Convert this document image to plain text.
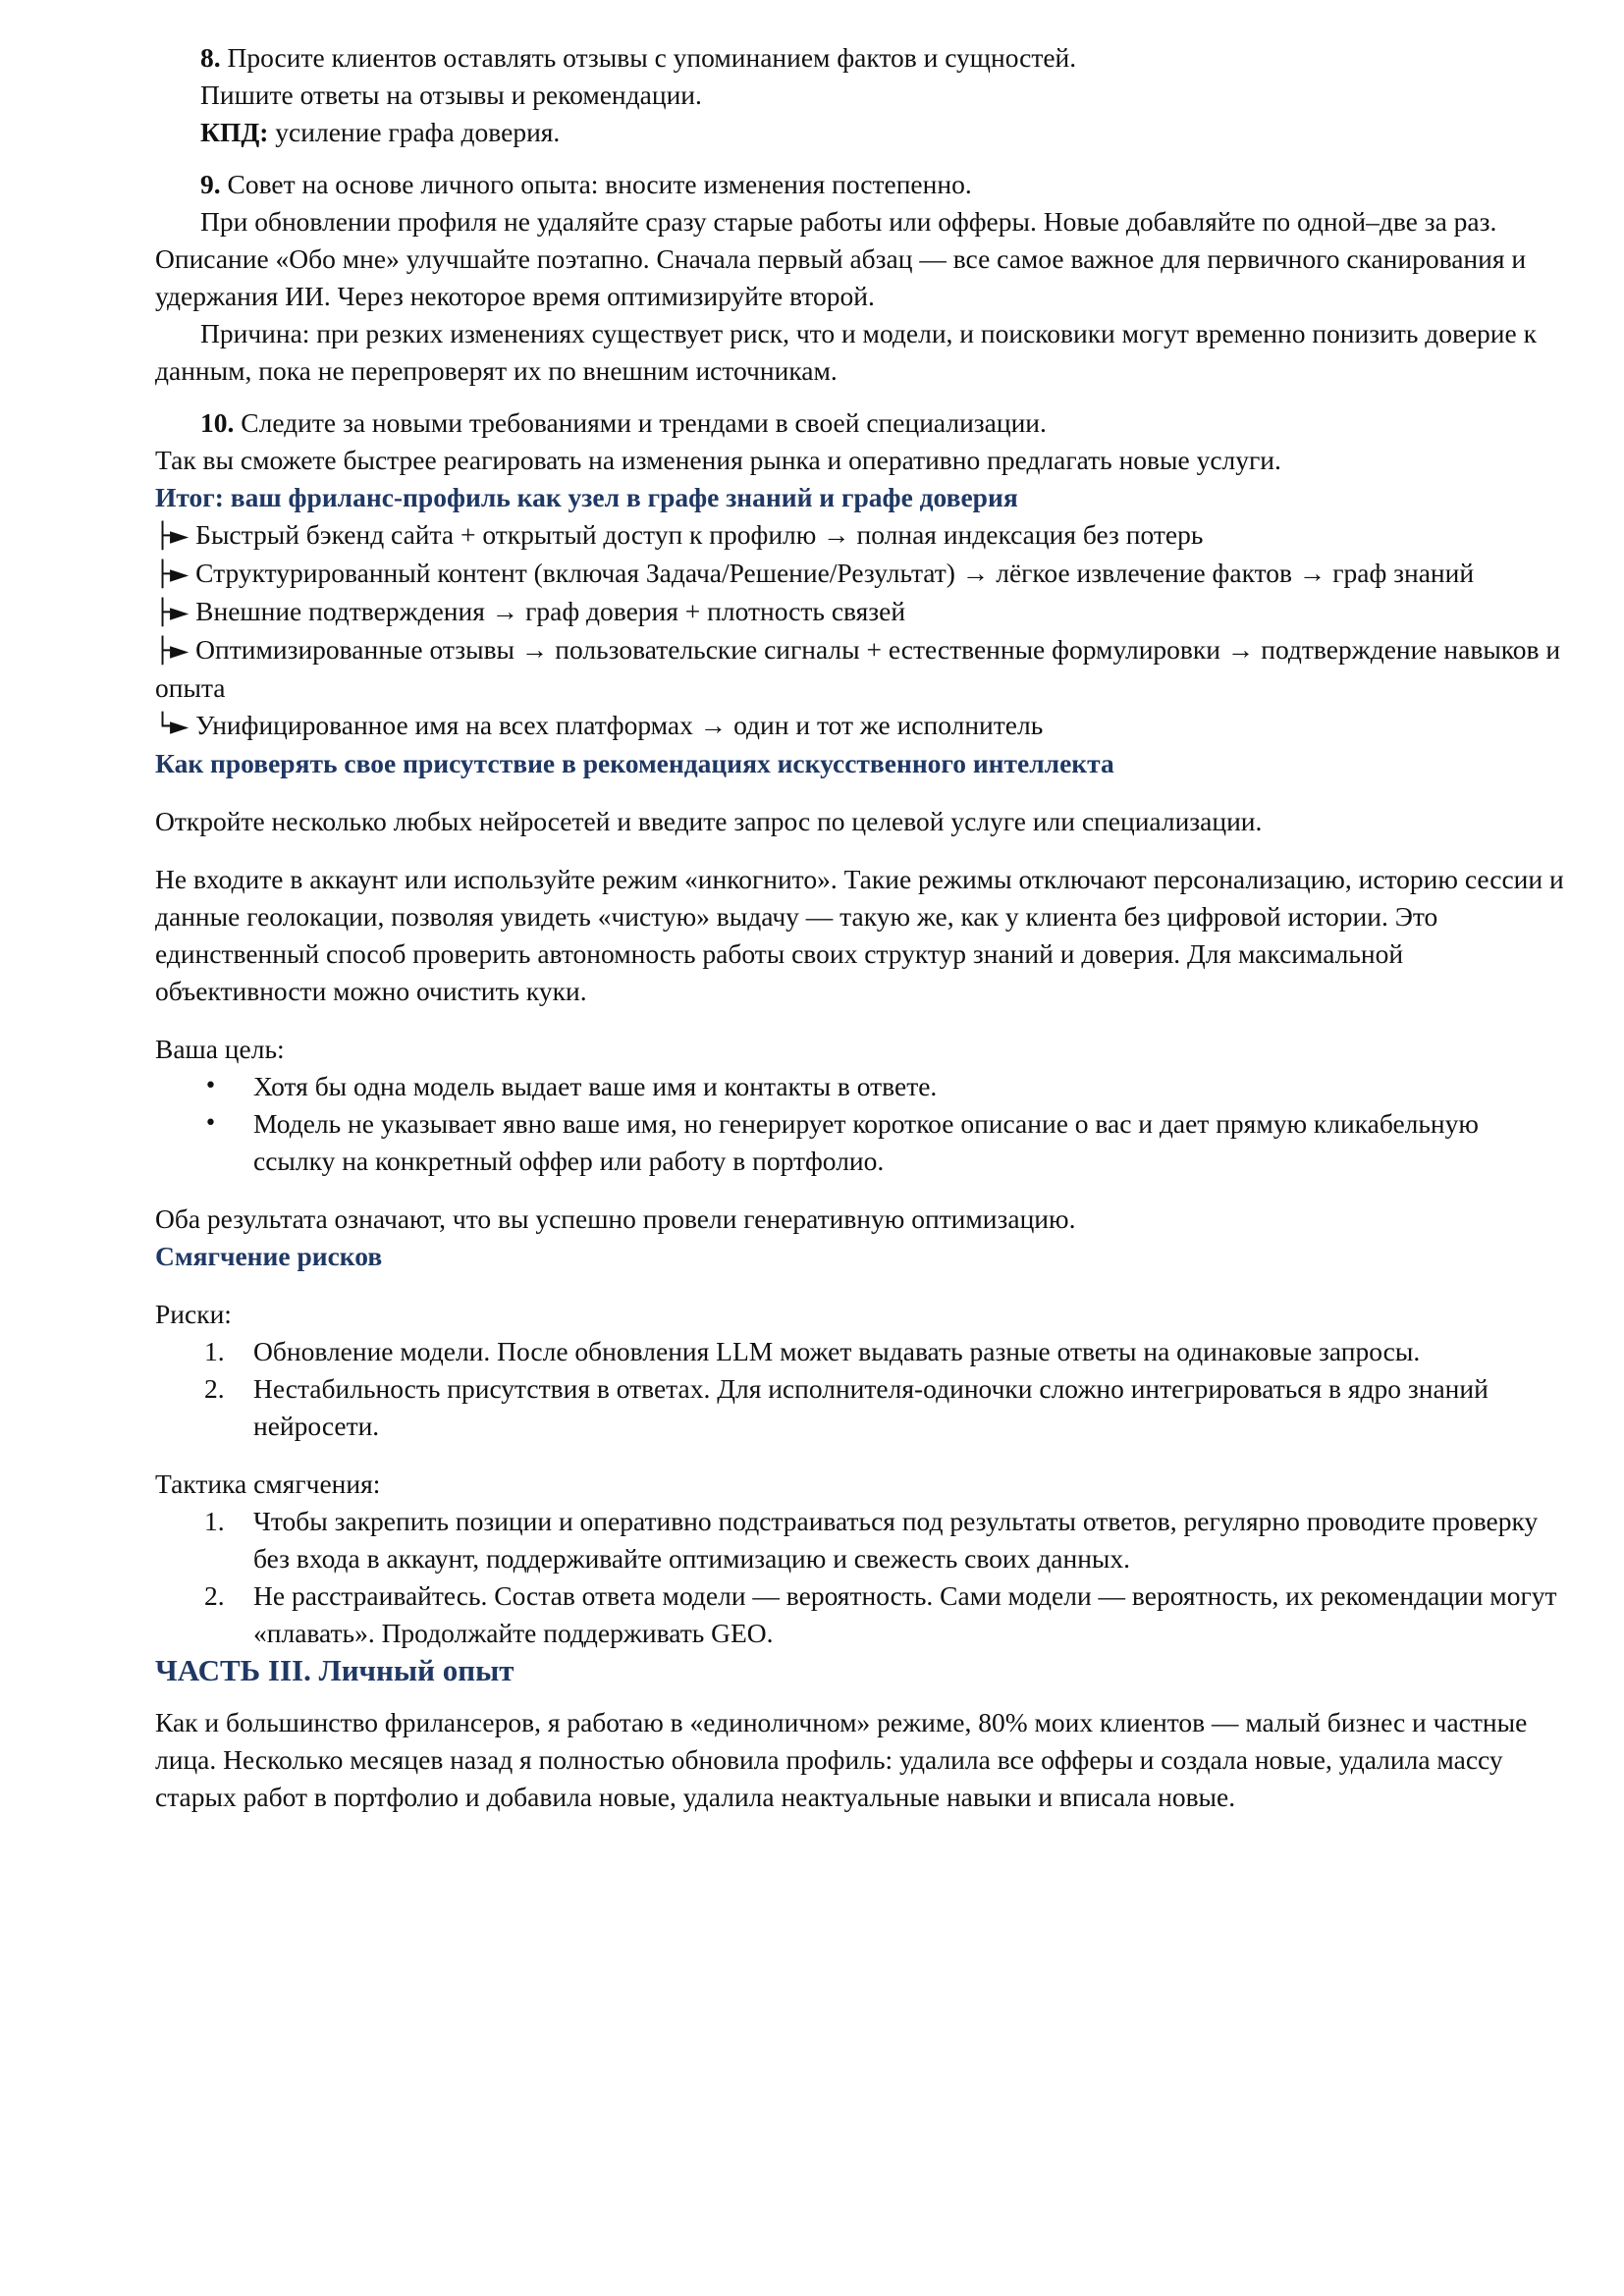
8. Просите клиентов оставлять отзывы с упоминанием фактов и сущностей.

Пишите ответы на отзывы и рекомендации.

КПД: усиление графа доверия.

9. Совет на основе личного опыта: вносите изменения постепенно.

При обновлении профиля не удаляйте сразу старые работы или офферы. Новые добавляйте по одной–две за раз. Описание «Обо мне» улучшайте поэтапно. Сначала первый абзац — все самое важное для первичного сканирования и удержания ИИ. Через некоторое время оптимизируйте второй.

Причина: при резких изменениях существует риск, что и модели, и поисковики могут временно понизить доверие к данным, пока не перепроверят их по внешним источникам.

10. Следите за новыми требованиями и трендами в своей специализации.

Так вы сможете быстрее реагировать на изменения рынка и оперативно предлагать новые услуги.

Итог: ваш фриланс-профиль как узел в графе знаний и графе доверия

├► Быстрый бэкенд сайта + открытый доступ к профилю → полная индексация без потерь

├► Структурированный контент (включая Задача/Решение/Результат) → лёгкое извлечение фактов → граф знаний

├► Внешние подтверждения → граф доверия + плотность связей

├► Оптимизированные отзывы → пользовательские сигналы + естественные формулировки → подтверждение навыков и опыта

└► Унифицированное имя на всех платформах → один и тот же исполнитель

Как проверять свое присутствие в рекомендациях искусственного интеллекта

Откройте несколько любых нейросетей и введите запрос по целевой услуге или специализации.

Не входите в аккаунт или используйте режим «инкогнито». Такие режимы отключают персонализацию, историю сессии и данные геолокации, позволяя увидеть «чистую» выдачу — такую же, как у клиента без цифровой истории. Это единственный способ проверить автономность работы своих структур знаний и доверия. Для максимальной объективности можно очистить куки.

Ваша цель:

• Хотя бы одна модель выдает ваше имя и контакты в ответе.
• Модель не указывает явно ваше имя, но генерирует короткое описание о вас и дает прямую кликабельную ссылку на конкретный оффер или работу в портфолио.

Оба результата означают, что вы успешно провели генеративную оптимизацию.

Смягчение рисков

Риски:

1. Обновление модели. После обновления LLM может выдавать разные ответы на одинаковые запросы.
2. Нестабильность присутствия в ответах. Для исполнителя-одиночки сложно интегрироваться в ядро знаний нейросети.

Тактика смягчения:

1. Чтобы закрепить позиции и оперативно подстраиваться под результаты ответов, регулярно проводите проверку без входа в аккаунт, поддерживайте оптимизацию и свежесть своих данных.
2. Не расстраивайтесь. Состав ответа модели — вероятность. Сами модели — вероятность, их рекомендации могут «плавать». Продолжайте поддерживать GEO.
ЧАСТЬ III. Личный опыт

Как и большинство фрилансеров, я работаю в «единоличном» режиме, 80% моих клиентов — малый бизнес и частные лица. Несколько месяцев назад я полностью обновила профиль: удалила все офферы и создала новые, удалила массу старых работ в портфолио и добавила новые, удалила неактуальные навыки и вписала новые.
